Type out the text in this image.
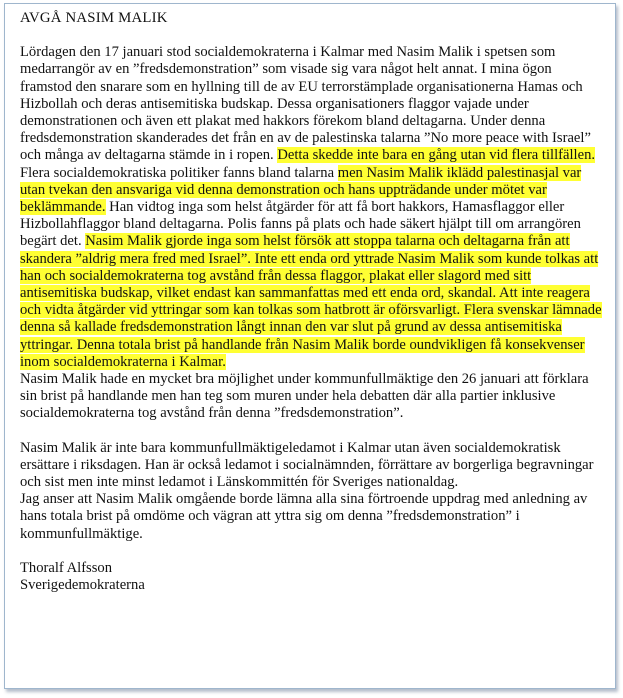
AVGÅ NASIM MALIK

Lördagen den 17 januari stod socialdemokraterna i Kalmar med Nasim Malik i spetsen som medarrangör av en ”fredsdemonstration” som visade sig vara något helt annat. I mina ögon framstod den snarare som en hyllning till de av EU terrorstämplade organisationerna Hamas och Hizbollah och deras antisemitiska budskap. Dessa organisationers flaggor vajade under demonstrationen och även ett plakat med hakkors förekom bland deltagarna. Under denna fredsdemonstration skanderades det från en av de palestinska talarna ”No more peace with Israel” och många av deltagarna stämde in i ropen. Detta skedde inte bara en gång utan vid flera tillfällen.

Flera socialdemokratiska politiker fanns bland talarna men Nasim Malik iklädd palestinasjal var utan tvekan den ansvariga vid denna demonstration och hans uppträdande under mötet var beklämmande. Han vidtog inga som helst åtgärder för att få bort hakkors, Hamasflaggor eller Hizbollahflaggor bland deltagarna. Polis fanns på plats och hade säkert hjälpt till om arrangören begärt det. Nasim Malik gjorde inga som helst försök att stoppa talarna och deltagarna från att skandera ”aldrig mera fred med Israel”. Inte ett enda ord yttrade Nasim Malik som kunde tolkas att han och socialdemokraterna tog avstånd från dessa flaggor, plakat eller slagord med sitt antisemitiska budskap, vilket endast kan sammanfattas med ett enda ord, skandal. Att inte reagera och vidta åtgärder vid yttringar som kan tolkas som hatbrott är oförsvarligt. Flera svenskar lämnade denna så kallade fredsdemonstration långt innan den var slut på grund av dessa antisemitiska yttringar. Denna totala brist på handlande från Nasim Malik borde oundvikligen få konsekvenser inom socialdemokraterna i Kalmar.

Nasim Malik hade en mycket bra möjlighet under kommunfullmäktige den 26 januari att förklara sin brist på handlande men han teg som muren under hela debatten där alla partier inklusive socialdemokraterna tog avstånd från denna ”fredsdemonstration”.

Nasim Malik är inte bara kommunfullmäktigeledamot i Kalmar utan även socialdemokratisk ersättare i riksdagen. Han är också ledamot i socialnämnden, förrättare av borgerliga begravningar och sist men inte minst ledamot i Länskommittén för Sveriges nationaldag.

Jag anser att Nasim Malik omgående borde lämna alla sina förtroende uppdrag med anledning av hans totala brist på omdöme och vägran att yttra sig om denna ”fredsdemonstration” i kommunfullmäktige.

Thoralf Alfsson

Sverigedemokraterna
